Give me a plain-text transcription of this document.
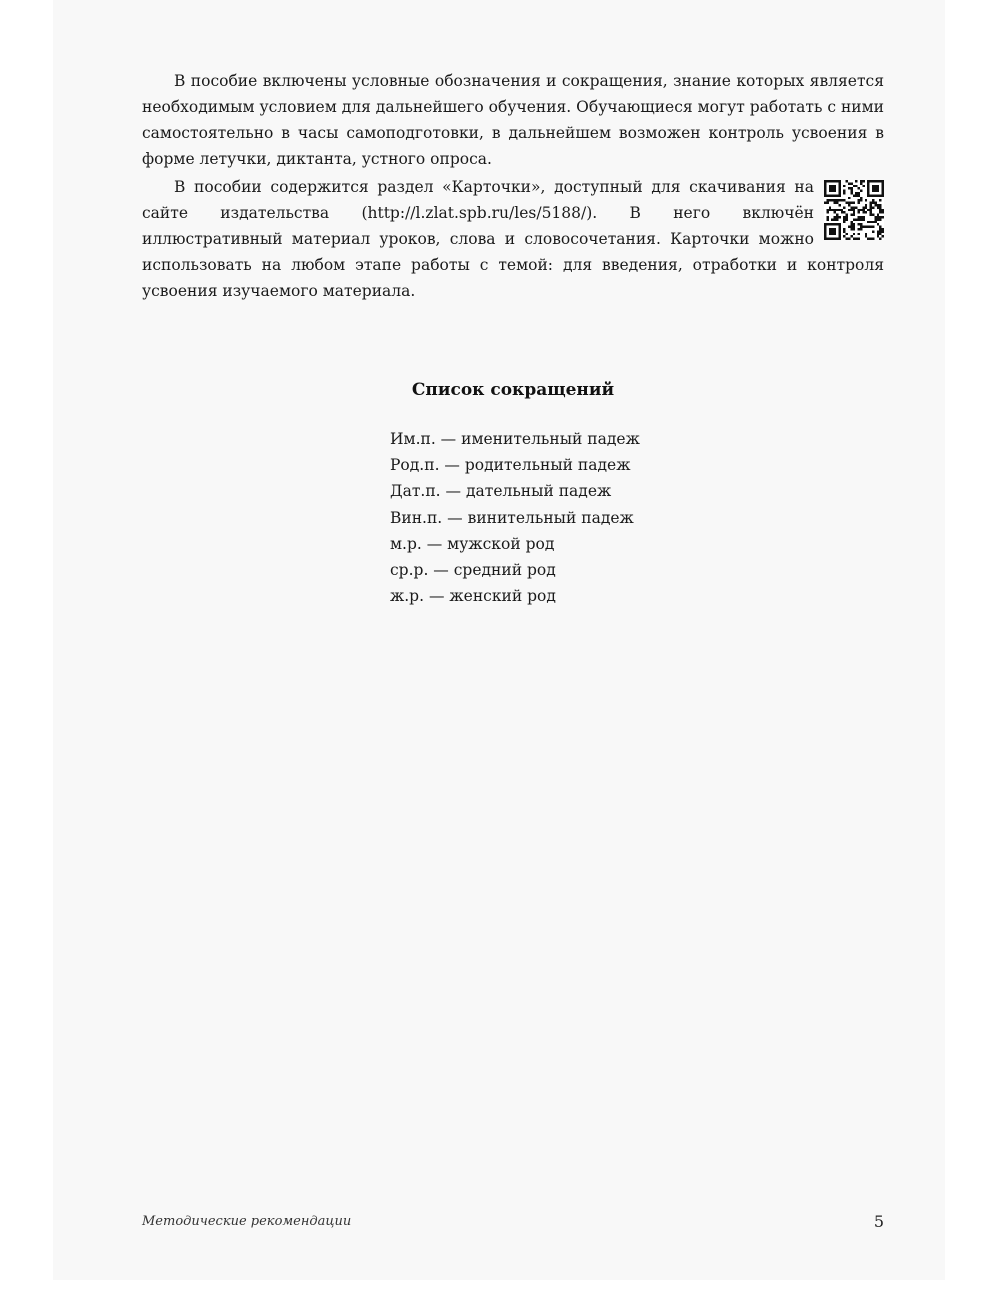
В пособие включены условные обозначения и сокращения, знание которых является необходимым условием для дальнейшего обучения. Обучающиеся могут работать с ними самостоятельно в часы самоподготовки, в дальнейшем возможен контроль усвоения в форме летучки, диктанта, устного опроса.

В пособии содержится раздел «Карточки», доступный для скачивания на сайте издательства (http://l.zlat.spb.ru/les/5188/). В него включён иллюстративный материал уроков, слова и словосочетания. Карточки можно использовать на любом этапе работы с темой: для введения, отработки и контроля усвоения изучаемого материала.

Список сокращений
Им.п. — именительный падеж
Род.п. — родительный падеж
Дат.п. — дательный падеж
Вин.п. — винительный падеж
м.р. — мужской род
ср.р. — средний род
ж.р. — женский род
Методические рекомендации	5
